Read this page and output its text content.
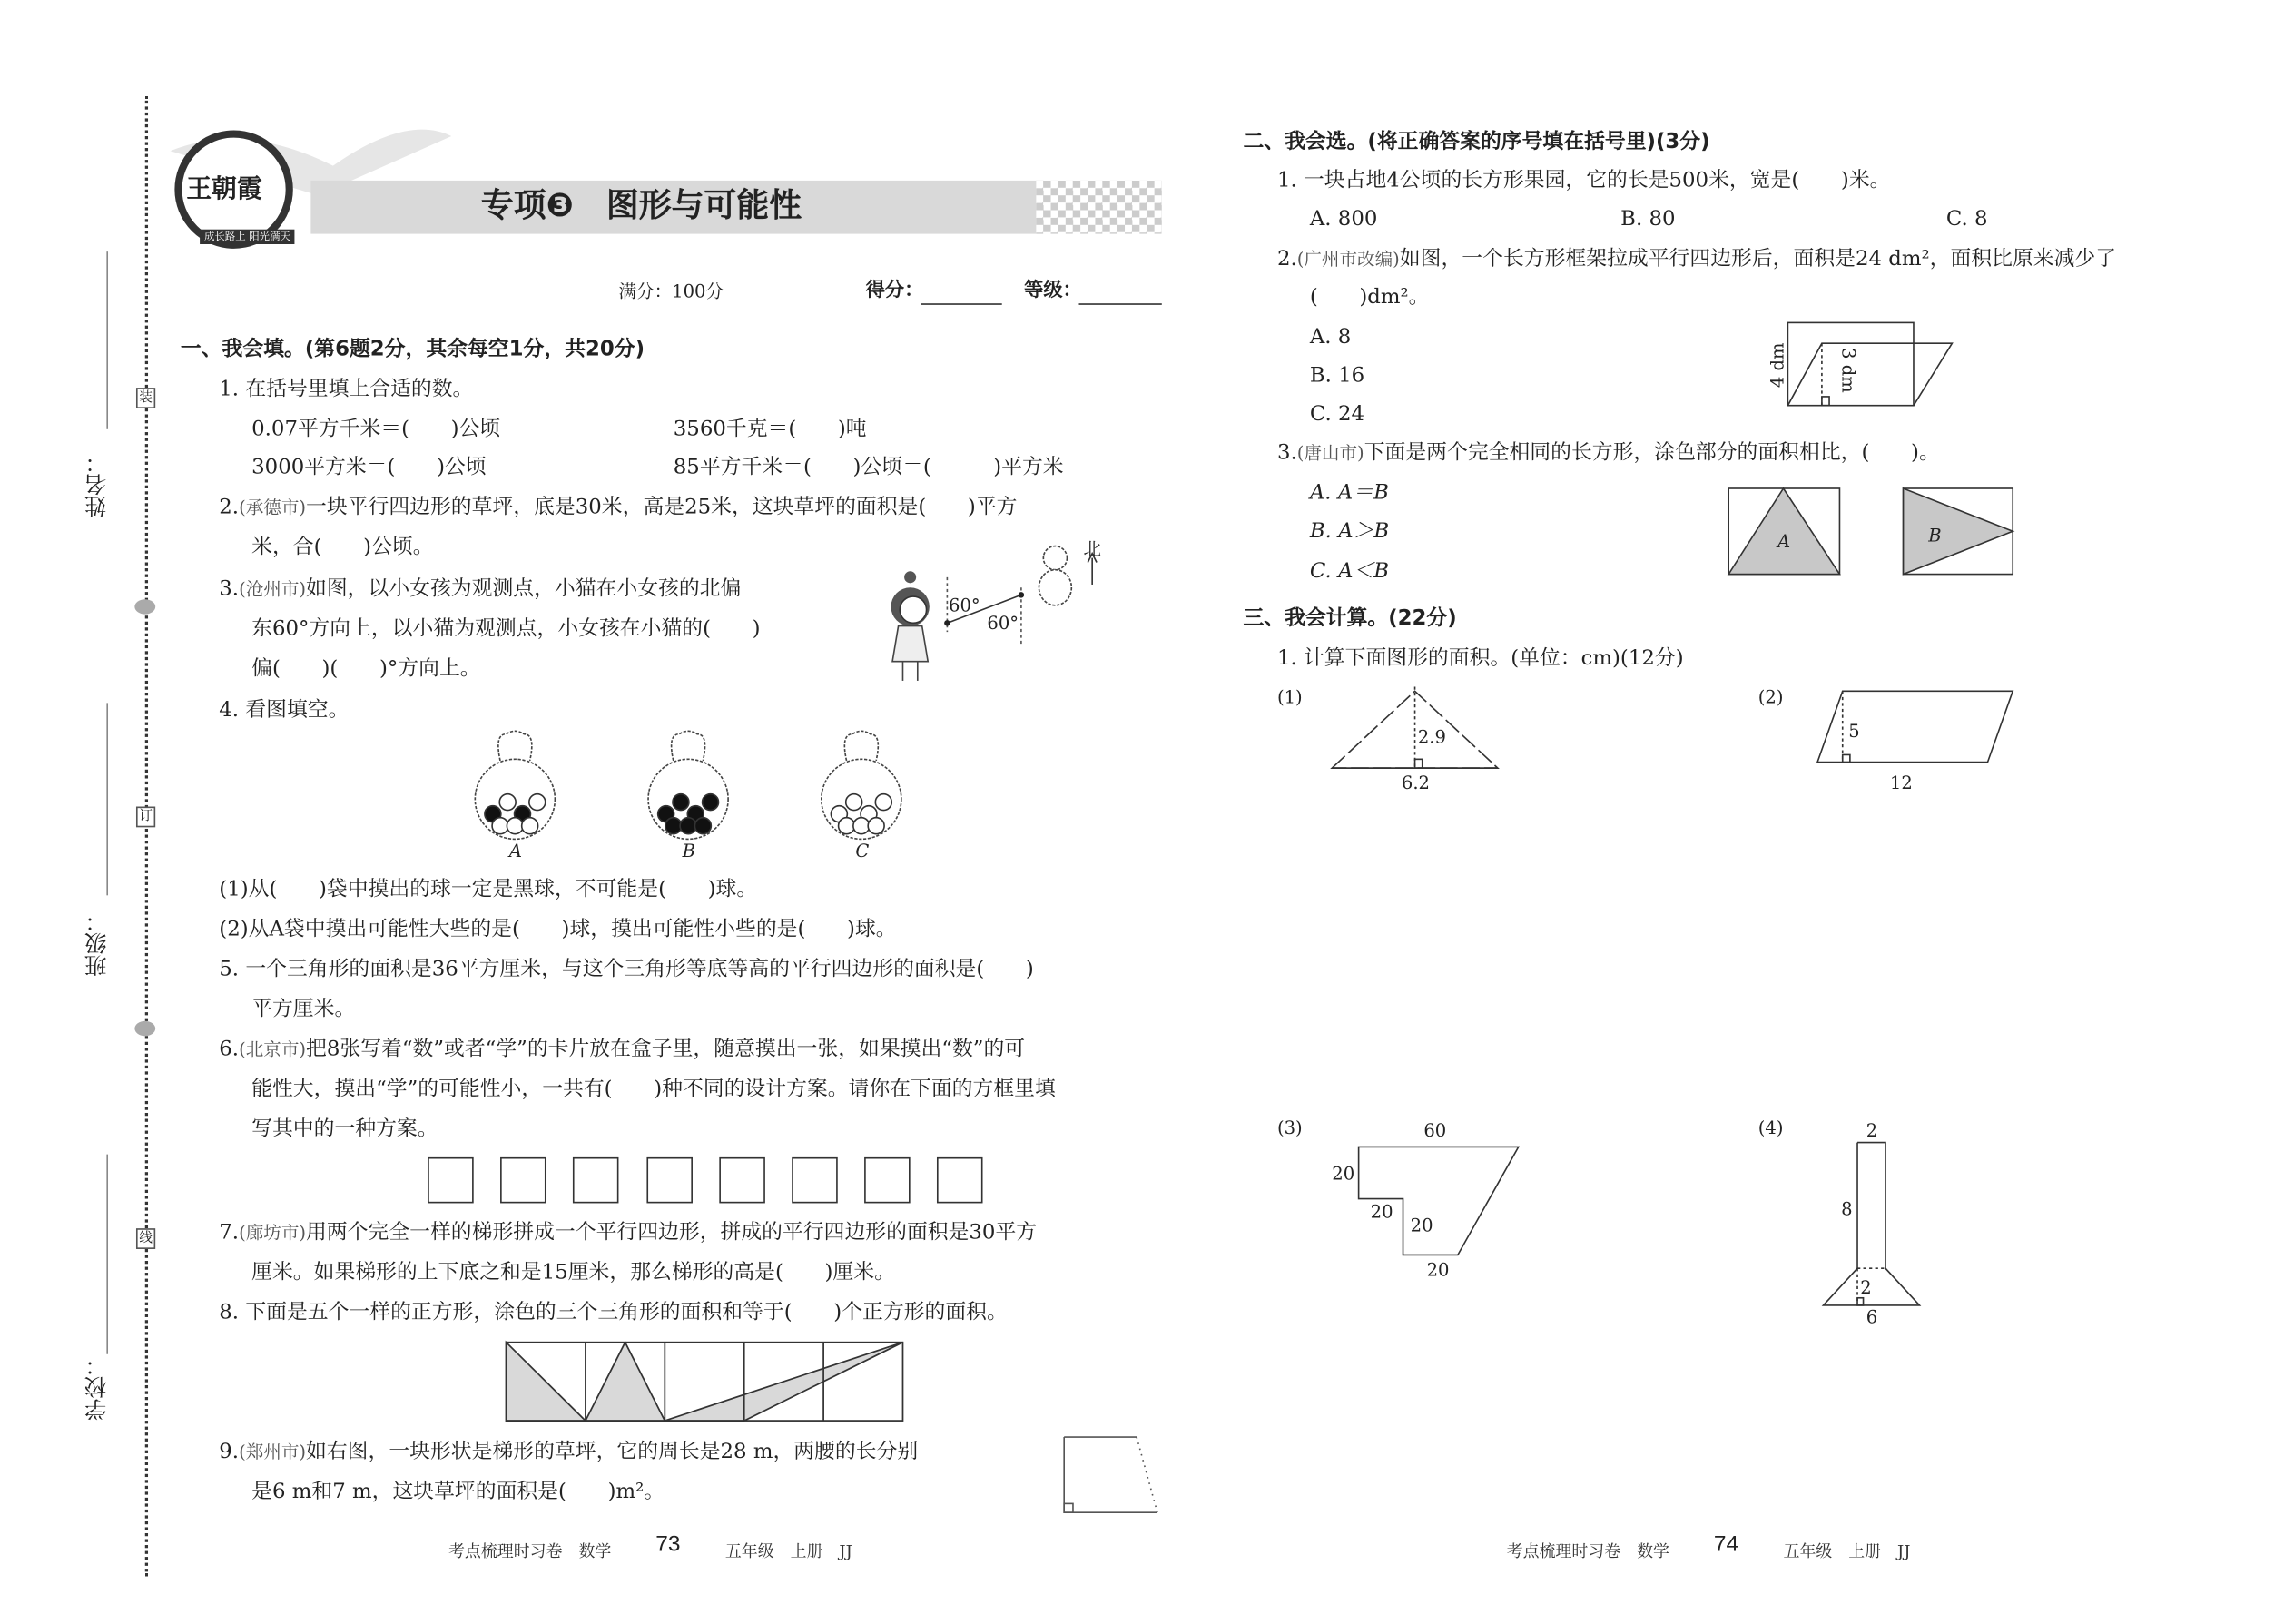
姓名：
班级：
学校：
装
订
线
王朝霞
成长路上 阳光满天
专项❸　 图形与可能性
满分：100分	得分：	等级：
一、我会填。(第6题2分，其余每空1分，共20分)
1. 在括号里填上合适的数。
0.07平方千米＝(　　)公顷	3560千克＝(　　)吨
3000平方米＝(　　)公顷	85平方千米＝(　　)公顷＝(　　　)平方米
2.(承德市)一块平行四边形的草坪，底是30米，高是25米，这块草坪的面积是(　　)平方
米，合(　　)公顷。
3.(沧州市)如图，以小女孩为观测点，小猫在小女孩的北偏
东60°方向上，以小猫为观测点，小女孩在小猫的(　　)
偏(　　)(　　)°方向上。
60°
60°
北
4. 看图填空。
A	B	C
(1)从(　　)袋中摸出的球一定是黑球，不可能是(　　)球。
(2)从A袋中摸出可能性大些的是(　　)球，摸出可能性小些的是(　　)球。
5. 一个三角形的面积是36平方厘米，与这个三角形等底等高的平行四边形的面积是(　　)
平方厘米。
6.(北京市)把8张写着“数”或者“学”的卡片放在盒子里，随意摸出一张，如果摸出“数”的可
能性大，摸出“学”的可能性小，一共有(　　)种不同的设计方案。请你在下面的方框里填
写其中的一种方案。
7.(廊坊市)用两个完全一样的梯形拼成一个平行四边形，拼成的平行四边形的面积是30平方
厘米。如果梯形的上下底之和是15厘米，那么梯形的高是(　　)厘米。
8. 下面是五个一样的正方形，涂色的三个三角形的面积和等于(　　)个正方形的面积。
9.(郑州市)如右图，一块形状是梯形的草坪，它的周长是28 m，两腰的长分别
是6 m和7 m，这块草坪的面积是(　　)m²。
考点梳理时习卷　数学	73	五年级　上册　JJ
二、我会选。(将正确答案的序号填在括号里)(3分)
1. 一块占地4公顷的长方形果园，它的长是500米，宽是(　　)米。
A. 800	B. 80	C. 8
2.(广州市改编)如图，一个长方形框架拉成平行四边形后，面积是24 dm²，面积比原来减少了
(　　)dm²。
A. 8
B. 16
C. 24
4 dm	3 dm
3.(唐山市)下面是两个完全相同的长方形，涂色部分的面积相比，(　　)。
A. A＝B
B. A＞B
C. A＜B
A	B
三、我会计算。(22分)
1. 计算下面图形的面积。(单位：cm)(12分)
(1)
2.9
6.2
(2)
5
12
(3)	60
20
20
20
20
(4)	2
8
2
6
考点梳理时习卷　数学	74	五年级　上册　JJ
